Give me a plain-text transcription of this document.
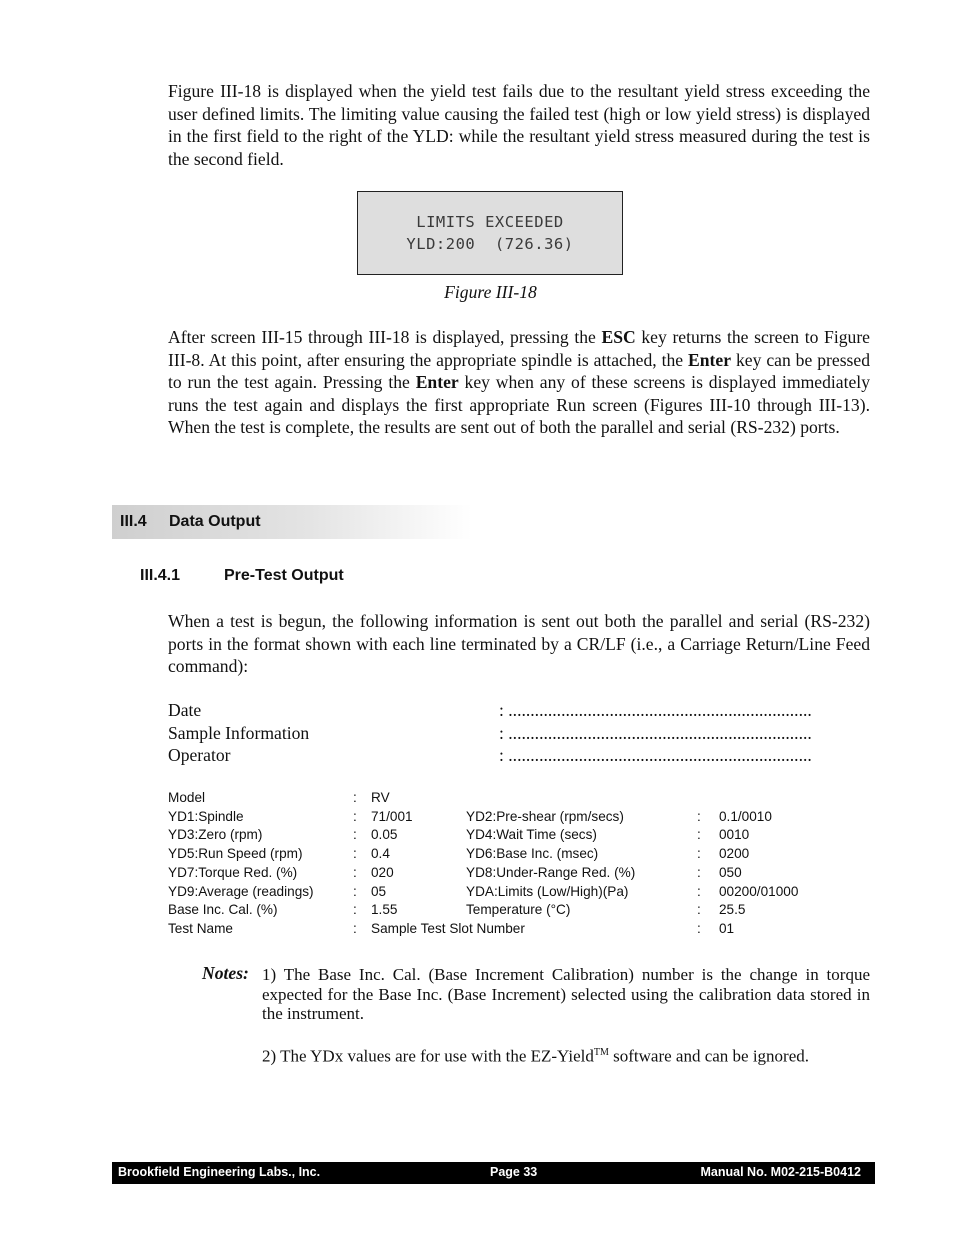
Figure III-18 is displayed when the yield test fails due to the resultant yield stress exceeding the user defined limits. The limiting value causing the failed test (high or low yield stress) is displayed in the first field to the right of the YLD: while the resultant yield stress measured during the test is the second field.

LIMITS EXCEEDED
YLD:200  (726.36)
Figure III-18

After screen III-15 through III-18 is displayed, pressing the ESC key returns the screen to Figure III-8. At this point, after ensuring the appropriate spindle is attached, the Enter key can be pressed to run the test again. Pressing the Enter key when any of these screens is displayed immediately runs the test again and displays the first appropriate Run screen (Figures III-10 through III-13). When the test is complete, the results are sent out of both the parallel and serial (RS-232) ports.

III.4 Data Output
III.4.1	Pre-Test Output

When a test is begun, the following information is sent out both the parallel and serial (RS-232) ports in the format shown with each line terminated by a CR/LF (i.e., a Carriage Return/Line Feed command):

Date	: .....................................................................
Sample Information	: .....................................................................
Operator	: .....................................................................
Model	: RV
YD1:Spindle	: 71/001	YD2:Pre-shear (rpm/secs)	: 0.1/0010
YD3:Zero (rpm)	: 0.05	YD4:Wait Time (secs)	: 0010
YD5:Run Speed (rpm)	: 0.4	YD6:Base Inc. (msec)	: 0200
YD7:Torque Red. (%)	: 020	YD8:Under-Range Red. (%)	: 050
YD9:Average (readings)	: 05	YDA:Limits (Low/High)(Pa)	: 00200/01000
Base Inc. Cal. (%)	: 1.55	Temperature (°C)	: 25.5
Test Name	: Sample Test Slot Number	: 01
Notes: 1) The Base Inc. Cal. (Base Increment Calibration) number is the change in torque expected for the Base Inc. (Base Increment) selected using the calibration data stored in the instrument.

2) The YDx values are for use with the EZ-Yield™ software and can be ignored.

Brookfield Engineering Labs., Inc.	Page 33	Manual No. M02-215-B0412
